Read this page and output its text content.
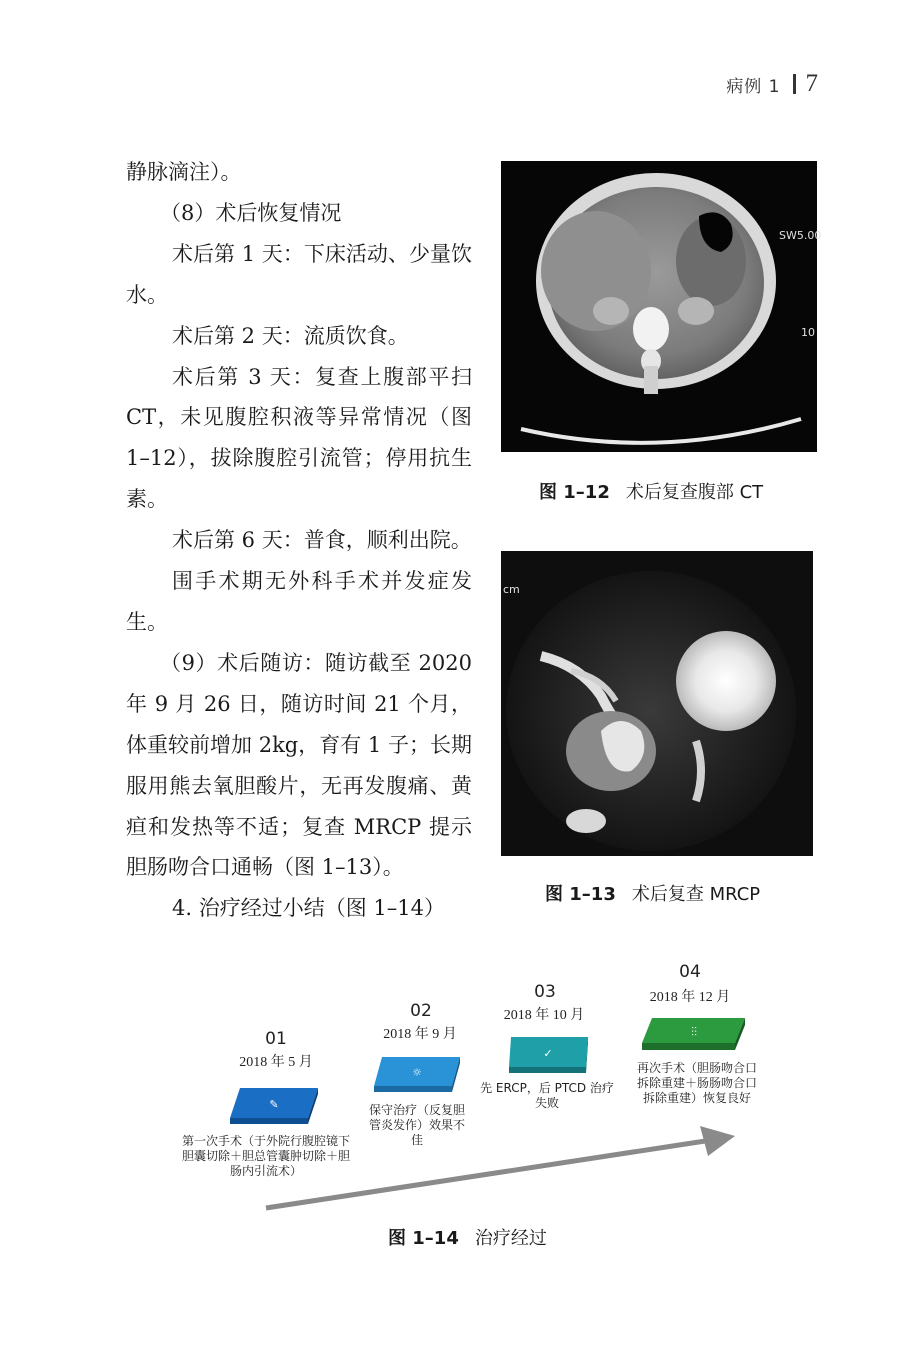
病例 1 7

静脉滴注）。

（8）术后恢复情况

术后第 1 天：下床活动、少量饮水。

术后第 2 天：流质饮食。

术后第 3 天：复查上腹部平扫 CT，未见腹腔积液等异常情况（图 1–12），拔除腹腔引流管；停用抗生素。

术后第 6 天：普食，顺利出院。

围手术期无外科手术并发症发生。

（9）术后随访：随访截至 2020 年 9 月 26 日，随访时间 21 个月，体重较前增加 2kg，育有 1 子；长期服用熊去氧胆酸片，无再发腹痛、黄疸和发热等不适；复查 MRCP 提示胆肠吻合口通畅（图 1–13）。

4. 治疗经过小结（图 1–14）

SW5.00
10
图 1–12 术后复查腹部 CT
cm
图 1–13 术后复查 MRCP
✎
☼
✓
⫶⫶
01
2018 年 5 月
第一次手术（于外院行腹腔镜下胆囊切除＋胆总管囊肿切除＋胆肠内引流术）
02
2018 年 9 月
保守治疗（反复胆管炎发作）效果不佳
03
2018 年 10 月
先 ERCP，后 PTCD 治疗失败
04
2018 年 12 月
再次手术（胆肠吻合口拆除重建＋肠肠吻合口拆除重建）恢复良好
图 1–14 治疗经过
